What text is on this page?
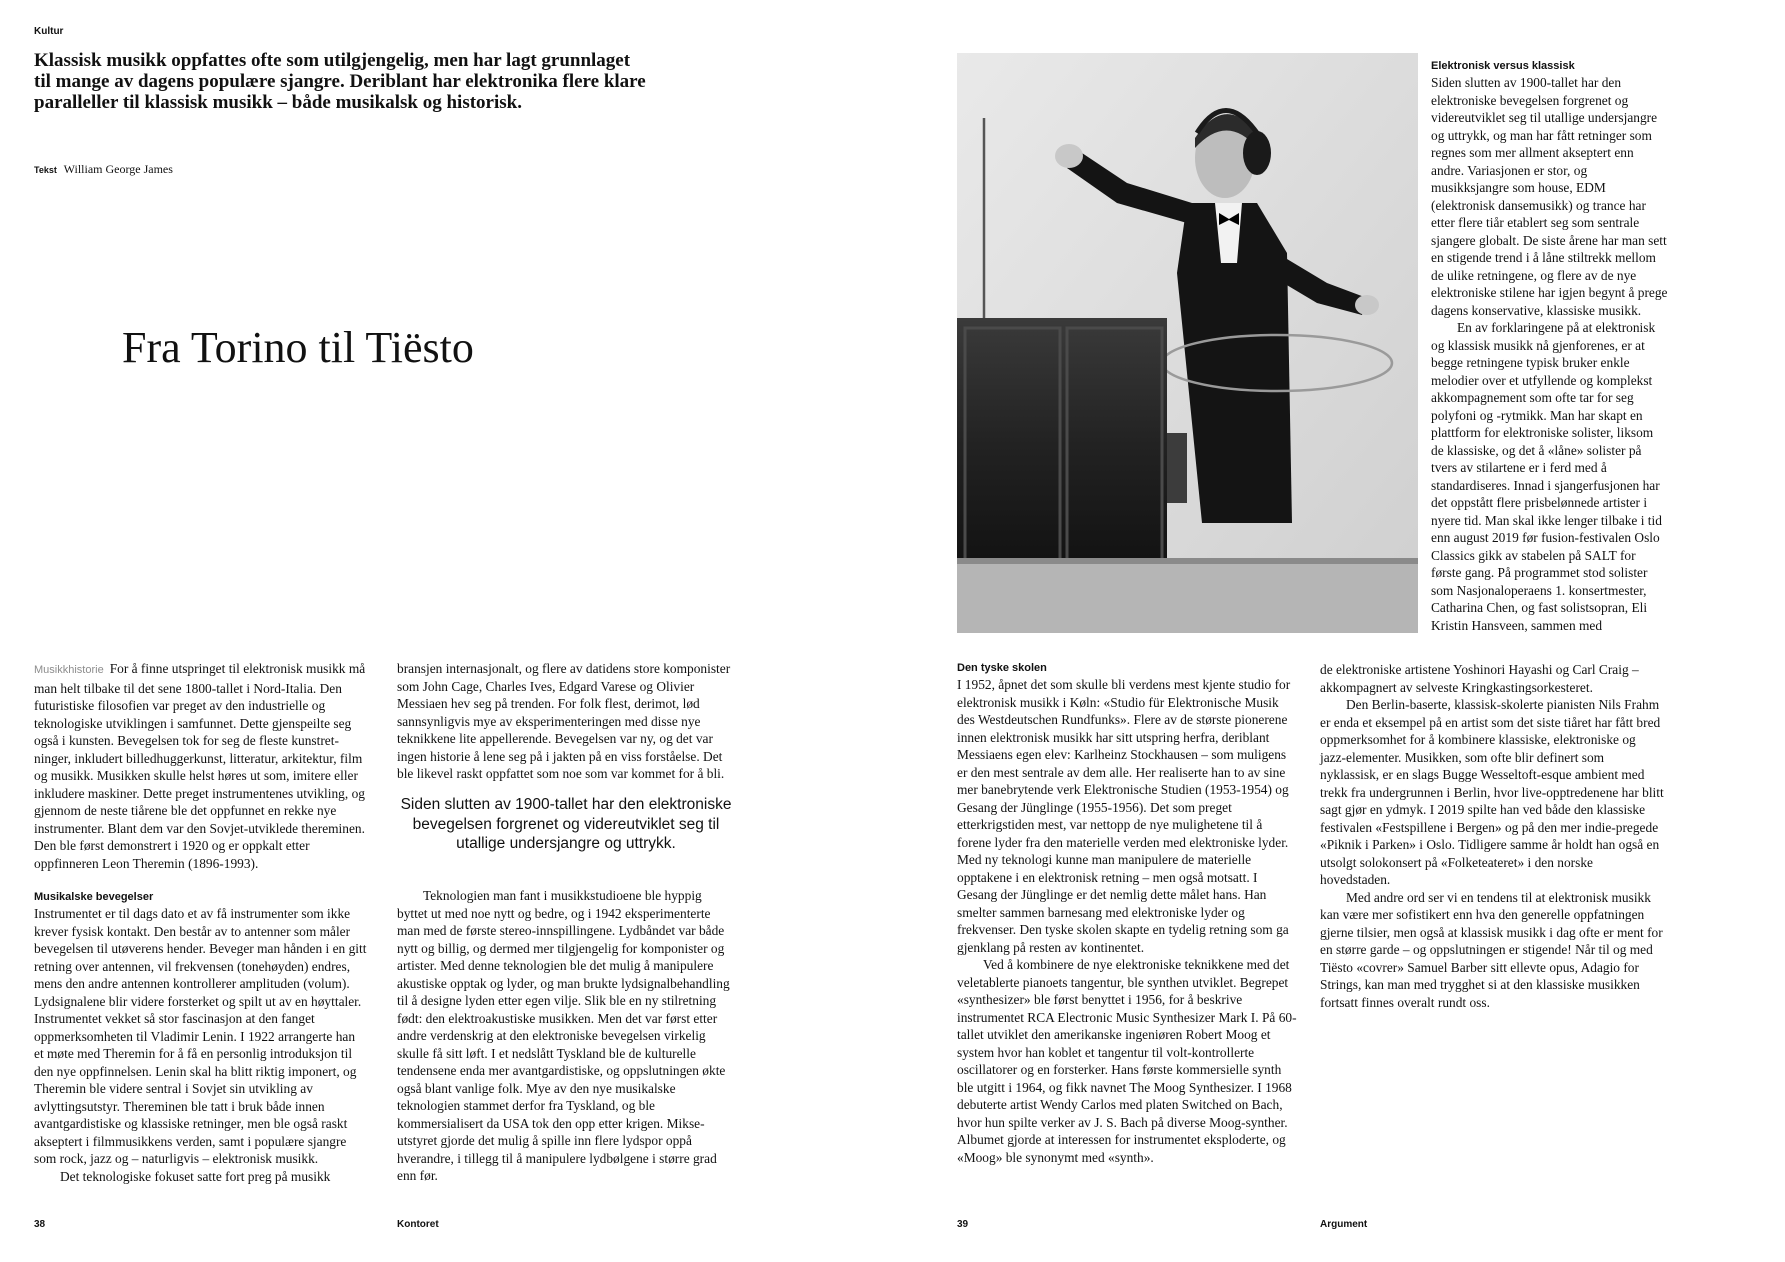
Kultur
Klassisk musikk oppfattes ofte som utilgjengelig, men har lagt grunnlaget til mange av dagens populære sjangre. Deriblant har elektronika flere klare paralleller til klassisk musikk – både musikalsk og historisk.
Tekst William George James
Fra Torino til Tiësto

Musikkhistorie For å finne utspringet til elektronisk musikk må man helt tilbake til det sene 1800-tallet i Nord-Italia. Den futuristiske filosofien var preget av den industrielle og teknologiske utviklingen i samfunnet. Dette gjenspeilte seg også i kunsten. Bevegelsen tok for seg de fleste kunstretninger, inkludert billedhuggerkunst, litteratur, arkitektur, film og musikk. Musikken skulle helst høres ut som, imitere eller inkludere maskiner. Dette preget instrumentenes utvikling, og gjennom de neste tiårene ble det oppfunnet en rekke nye instrumenter. Blant dem var den Sovjet-utviklede thereminen. Den ble først demonstrert i 1920 og er oppkalt etter oppfinneren Leon Theremin (1896-1993).

Musikalske bevegelser

Instrumentet er til dags dato et av få instrumenter som ikke krever fysisk kontakt. Den består av to antenner som måler bevegelsen til utøverens hender. Beveger man hånden i en gitt retning over antennen, vil frekvensen (tonehøyden) endres, mens den andre antennen kontrollerer amplituden (volum). Lydsignalene blir videre forsterket og spilt ut av en høyttaler. Instrumentet vekket så stor fascinasjon at den fanget oppmerksomheten til Vladimir Lenin. I 1922 arrangerte han et møte med Theremin for å få en personlig introduksjon til den nye oppfinnelsen. Lenin skal ha blitt riktig imponert, og Theremin ble videre sentral i Sovjet sin utvikling av avlyttingsutstyr. Thereminen ble tatt i bruk både innen avantgardistiske og klassiske retninger, men ble også raskt akseptert i filmmusikkens verden, samt i populære sjangre som rock, jazz og – naturligvis – elektronisk musikk.

Det teknologiske fokuset satte fort preg på musikk

bransjen internasjonalt, og flere av datidens store komponister som John Cage, Charles Ives, Edgard Varese og Olivier Messiaen hev seg på trenden. For folk flest, derimot, lød sannsynligvis mye av eksperimenteringen med disse nye teknikkene lite appellerende. Bevegelsen var ny, og det var ingen historie å lene seg på i jakten på en viss forståelse. Det ble likevel raskt oppfattet som noe som var kommet for å bli.

Siden slutten av 1900-tallet har den elektroniske bevegelsen forgrenet og videreutviklet seg til utallige undersjangre og uttrykk.

Teknologien man fant i musikkstudioene ble hyppig byttet ut med noe nytt og bedre, og i 1942 eksperimenterte man med de første stereo-innspillingene. Lydbåndet var både nytt og billig, og dermed mer tilgjengelig for komponister og artister. Med denne teknologien ble det mulig å manipulere akustiske opptak og lyder, og man brukte lydsignalbehandling til å designe lyden etter egen vilje. Slik ble en ny stilretning født: den elektroakustiske musikken. Men det var først etter andre verdenskrig at den elektroniske bevegelsen virkelig skulle få sitt løft. I et nedslått Tyskland ble de kulturelle tendensene enda mer avantgardistiske, og oppslutningen økte også blant vanlige folk. Mye av den nye musikalske teknologien stammet derfor fra Tyskland, og ble kommersialisert da USA tok den opp etter krigen. Mikseutstyret gjorde det mulig å spille inn flere lydspor oppå hverandre, i tillegg til å manipulere lydbølgene i større grad enn før.

38	Kontoret
Elektronisk versus klassisk

Siden slutten av 1900-tallet har den elektroniske bevegelsen forgrenet og videreutviklet seg til utallige undersjangre og uttrykk, og man har fått retninger som regnes som mer allment akseptert enn andre. Variasjonen er stor, og musikksjangre som house, EDM (elektronisk dansemusikk) og trance har etter flere tiår etablert seg som sentrale sjangere globalt. De siste årene har man sett en stigende trend i å låne stiltrekk mellom de ulike retningene, og flere av de nye elektroniske stilene har igjen begynt å prege dagens konservative, klassiske musikk.

En av forklaringene på at elektronisk og klassisk musikk nå gjenforenes, er at begge retningene typisk bruker enkle melodier over et utfyllende og komplekst akkompagnement som ofte tar for seg polyfoni og -rytmikk. Man har skapt en plattform for elektroniske solister, liksom de klassiske, og det å «låne» solister på tvers av stilartene er i ferd med å standardiseres. Innad i sjangerfusjonen har det oppstått flere prisbelønnede artister i nyere tid. Man skal ikke lenger tilbake i tid enn august 2019 før fusion-festivalen Oslo Classics gikk av stabelen på SALT for første gang. På programmet stod solister som Nasjonaloperaens 1. konsertmester, Catharina Chen, og fast solistsopran, Eli Kristin Hansveen, sammen med

Den tyske skolen

I 1952, åpnet det som skulle bli verdens mest kjente studio for elektronisk musikk i Køln: «Studio für Elektronische Musik des Westdeutschen Rundfunks». Flere av de største pionerene innen elektronisk musikk har sitt utspring herfra, deriblant Messiaens egen elev: Karlheinz Stockhausen – som muligens er den mest sentrale av dem alle. Her realiserte han to av sine mer banebrytende verk Elektronische Studien (1953-1954) og Gesang der Jünglinge (1955-1956). Det som preget etterkrigstiden mest, var nettopp de nye mulighetene til å forene lyder fra den materielle verden med elektroniske lyder. Med ny teknologi kunne man manipulere de materielle opptakene i en elektronisk retning – men også motsatt. I Gesang der Jünglinge er det nemlig dette målet hans. Han smelter sammen barnesang med elektroniske lyder og frekvenser. Den tyske skolen skapte en tydelig retning som ga gjenklang på resten av kontinentet.

Ved å kombinere de nye elektroniske teknikkene med det veletablerte pianoets tangentur, ble synthen utviklet. Begrepet «synthesizer» ble først benyttet i 1956, for å beskrive instrumentet RCA Electronic Music Synthesizer Mark I. På 60-tallet utviklet den amerikanske ingeniøren Robert Moog et system hvor han koblet et tangentur til volt-kontrollerte oscillatorer og en forsterker. Hans første kommersielle synth ble utgitt i 1964, og fikk navnet The Moog Synthesizer. I 1968 debuterte artist Wendy Carlos med platen Switched on Bach, hvor hun spilte verker av J. S. Bach på diverse Moog-synther. Albumet gjorde at interessen for instrumentet eksploderte, og «Moog» ble synonymt med «synth».

de elektroniske artistene Yoshinori Hayashi og Carl Craig – akkompagnert av selveste Kringkastingsorkesteret.

Den Berlin-baserte, klassisk-skolerte pianisten Nils Frahm er enda et eksempel på en artist som det siste tiåret har fått bred oppmerksomhet for å kombinere klassiske, elektroniske og jazz-elementer. Musikken, som ofte blir definert som nyklassisk, er en slags Bugge Wesseltoft-esque ambient med trekk fra undergrunnen i Berlin, hvor live-opptredenene har blitt sagt gjør en ydmyk. I 2019 spilte han ved både den klassiske festivalen «Festspillene i Bergen» og på den mer indie-pregede «Piknik i Parken» i Oslo. Tidligere samme år holdt han også en utsolgt solokonsert på «Folketeateret» i den norske hovedstaden.

Med andre ord ser vi en tendens til at elektronisk musikk kan være mer sofistikert enn hva den generelle oppfatningen gjerne tilsier, men også at klassisk musikk i dag ofte er ment for en større garde – og oppslutningen er stigende! Når til og med Tiësto «covrer» Samuel Barber sitt ellevte opus, Adagio for Strings, kan man med trygghet si at den klassiske musikken fortsatt finnes overalt rundt oss.

39	Argument
